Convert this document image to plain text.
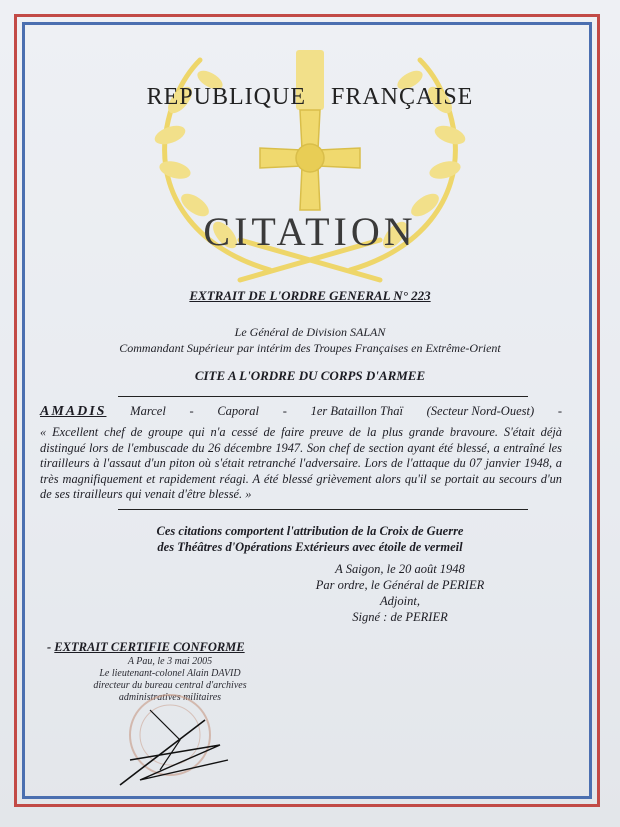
REPUBLIQUE FRANÇAISE
CITATION
EXTRAIT DE L'ORDRE GENERAL N° 223
Le Général de Division SALAN
Commandant Supérieur par intérim des Troupes Françaises en Extrême-Orient
CITE A L'ORDRE DU CORPS D'ARMEE
AMADIS Marcel - Caporal - 1er Bataillon Thaï (Secteur Nord-Ouest) -
« Excellent chef de groupe qui n'a cessé de faire preuve de la plus grande bravoure. S'était déjà distingué lors de l'embuscade du 26 décembre 1947. Son chef de section ayant été blessé, a entraîné les tirailleurs à l'assaut d'un piton où s'était retranché l'adversaire. Lors de l'attaque du 07 janvier 1948, a très magnifiquement et rapidement réagi. A été blessé grièvement alors qu'il se portait au secours d'un de ses tirailleurs qui venait d'être blessé. »
Ces citations comportent l'attribution de la Croix de Guerre
des Théâtres d'Opérations Extérieurs avec étoile de vermeil
A Saigon, le 20 août 1948
Par ordre, le Général de PERIER
Adjoint,
Signé : de PERIER
- EXTRAIT CERTIFIE CONFORME
A Pau, le 3 mai 2005
Le lieutenant-colonel Alain DAVID
directeur du bureau central d'archives
administratives militaires
